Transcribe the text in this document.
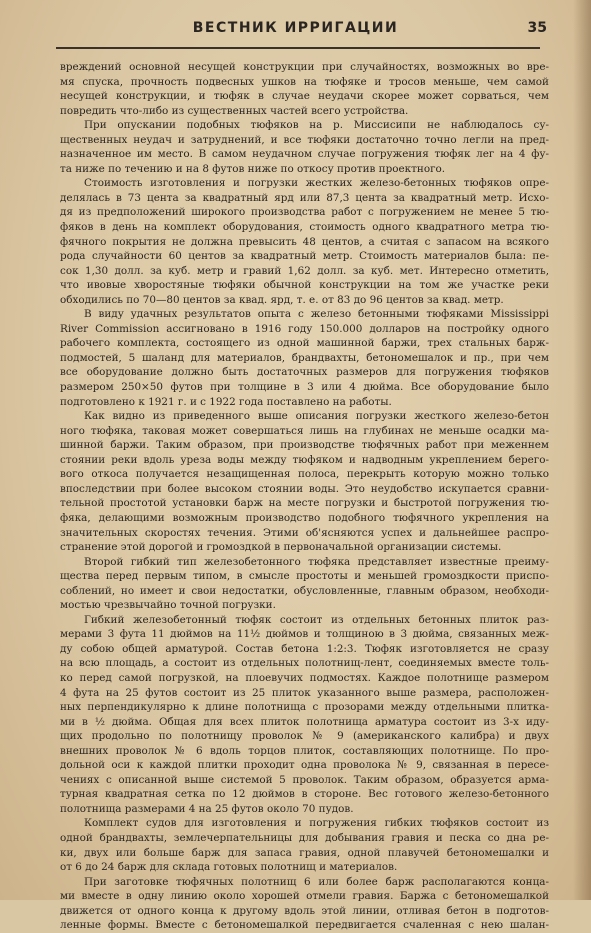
ВЕСТНИК ИРРИГАЦИИ	35
вреждений основной несущей конструкции при случайностях, возможных во вре-
мя спуска, прочность подвесных ушков на тюфяке и тросов меньше, чем самой
несущей конструкции, и тюфяк в случае неудачи скорее может сорваться, чем
повредить что-либо из существенных частей всего устройства.
При опускании подобных тюфяков на р. Миссисипи не наблюдалось су-
щественных неудач и затруднений, и все тюфяки достаточно точно легли на пред-
назначенное им место. В самом неудачном случае погружения тюфяк лег на 4 фу-
та ниже по течению и на 8 футов ниже по откосу против проектного.
Стоимость изготовления и погрузки жестких железо-бетонных тюфяков опре-
делялась в 73 цента за квадратный ярд или 87,3 цента за квадратный метр. Исхо-
дя из предположений широкого производства работ с погружением не менее 5 тю-
фяков в день на комплект оборудования, стоимость одного квадратного метра тю-
фячного покрытия не должна превысить 48 центов, а считая с запасом на всякого
рода случайности 60 центов за квадратный метр. Стоимость материалов была: пе-
сок 1,30 долл. за куб. метр и гравий 1,62 долл. за куб. мет. Интересно отметить,
что ивовые хворостяные тюфяки обычной конструкции на том же участке реки
обходились по 70—80 центов за квад. ярд, т. е. от 83 до 96 центов за квад. метр.
В виду удачных результатов опыта с железо бетонными тюфяками Mississippi
River Commission ассигновано в 1916 году 150.000 долларов на постройку одного
рабочего комплекта, состоящего из одной машинной баржи, трех стальных барж-
подмостей, 5 шаланд для материалов, брандвахты, бетономешалок и пр., при чем
все оборудование должно быть достаточных размеров для погружения тюфяков
размером 250×50 футов при толщине в 3 или 4 дюйма. Все оборудование было
подготовлено к 1921 г. и с 1922 года поставлено на работы.
Как видно из приведенного выше описания погрузки жесткого железо-бетон
ного тюфяка, таковая может совершаться лишь на глубинах не меньше осадки ма-
шинной баржи. Таким образом, при производстве тюфячных работ при меженнем
стоянии реки вдоль уреза воды между тюфяком и надводным укреплением берего-
вого откоса получается незащищенная полоса, перекрыть которую можно только
впоследствии при более высоком стоянии воды. Это неудобство искупается сравни-
тельной простотой установки барж на месте погрузки и быстротой погружения тю-
фяка, делающими возможным производство подобного тюфячного укрепления на
значительных скоростях течения. Этими об'ясняются успех и дальнейшее распро-
странение этой дорогой и громоздкой в первоначальной организации системы.
Второй гибкий тип железобетонного тюфяка представляет известные преиму-
щества перед первым типом, в смысле простоты и меньшей громоздкости приспо-
соблений, но имеет и свои недостатки, обусловленные, главным образом, необходи-
мостью чрезвычайно точной погрузки.
Гибкий железобетонный тюфяк состоит из отдельных бетонных плиток раз-
мерами 3 фута 11 дюймов на 11½ дюймов и толщиною в 3 дюйма, связанных меж-
ду собою общей арматурой. Состав бетона 1:2:3. Тюфяк изготовляется не сразу
на всю площадь, а состоит из отдельных полотнищ-лент, соединяемых вместе толь-
ко перед самой погрузкой, на плоевучих подмостях. Каждое полотнище размером
4 фута на 25 футов состоит из 25 плиток указанного выше размера, расположен-
ных перпендикулярно к длине полотнища с прозорами между отдельными плитка-
ми в ½ дюйма. Общая для всех плиток полотнища арматура состоит из 3-х иду-
щих продольно по полотнищу проволок № 9 (американского калибра) и двух
внешних проволок № 6 вдоль торцов плиток, составляющих полотнище. По про-
дольной оси к каждой плитки проходит одна проволока № 9, связанная в пересе-
чениях с описанной выше системой 5 проволок. Таким образом, образуется арма-
турная квадратная сетка по 12 дюймов в стороне. Вес готового железо-бетонного
полотнища размерами 4 на 25 футов около 70 пудов.
Комплект судов для изготовления и погружения гибких тюфяков состоит из
одной брандвахты, землечерпательницы для добывания гравия и песка со дна ре-
ки, двух или больше барж для запаса гравия, одной плавучей бетономешалки и
от 6 до 24 барж для склада готовых полотнищ и материалов.
При заготовке тюфячных полотнищ 6 или более барж располагаются конца-
ми вместе в одну линию около хорошей отмели гравия. Баржа с бетономешалкой
движется от одного конца к другому вдоль этой линии, отливая бетон в подготов-
ленные формы. Вместе с бетономешалкой передвигается счаленная с нею шалан-
